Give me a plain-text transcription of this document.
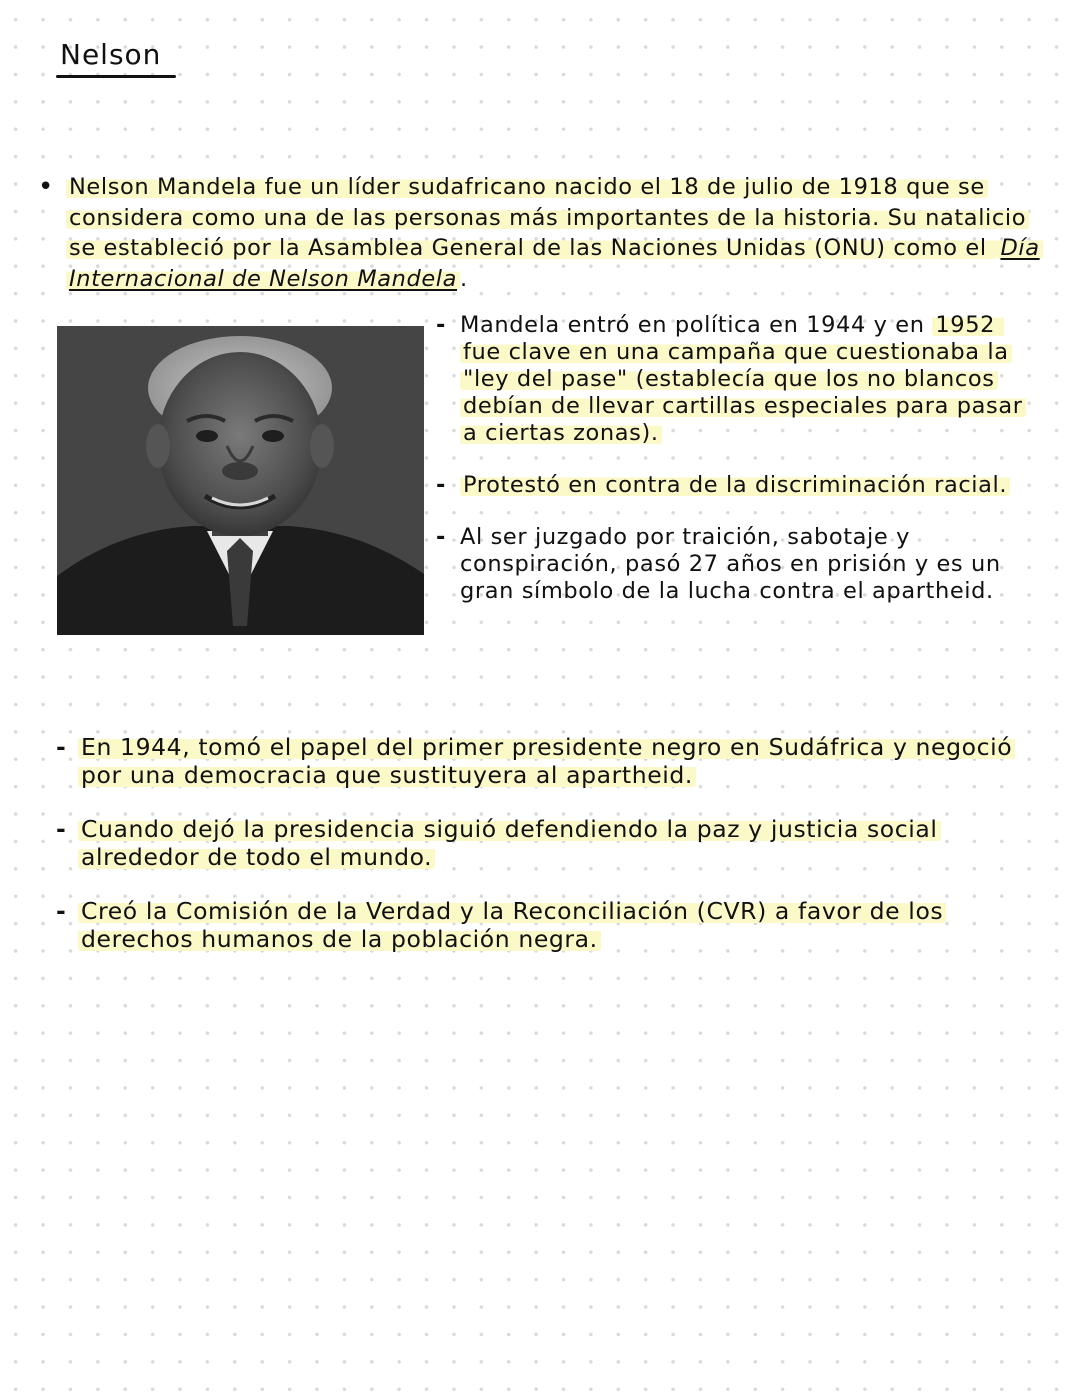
Nelson
• Nelson Mandela fue un líder sudafricano nacido el 18 de julio de 1918 que se considera como una de las personas más importantes de la historia. Su natalicio se estableció por la Asamblea General de las Naciones Unidas (ONU) como el Día Internacional de Nelson Mandela .
- Mandela entró en política en 1944 y en 1952 fue clave en una campaña que cuestionaba la "ley del pase" (establecía que los no blancos debían de llevar cartillas especiales para pasar a ciertas zonas).
- Protestó en contra de la discriminación racial.
- Al ser juzgado por traición, sabotaje y conspiración, pasó 27 años en prisión y es un gran símbolo de la lucha contra el apartheid.
- En 1944, tomó el papel del primer presidente negro en Sudáfrica y negoció por una democracia que sustituyera al apartheid.
- Cuando dejó la presidencia siguió defendiendo la paz y justicia social alrededor de todo el mundo.
- Creó la Comisión de la Verdad y la Reconciliación (CVR) a favor de los derechos humanos de la población negra.
